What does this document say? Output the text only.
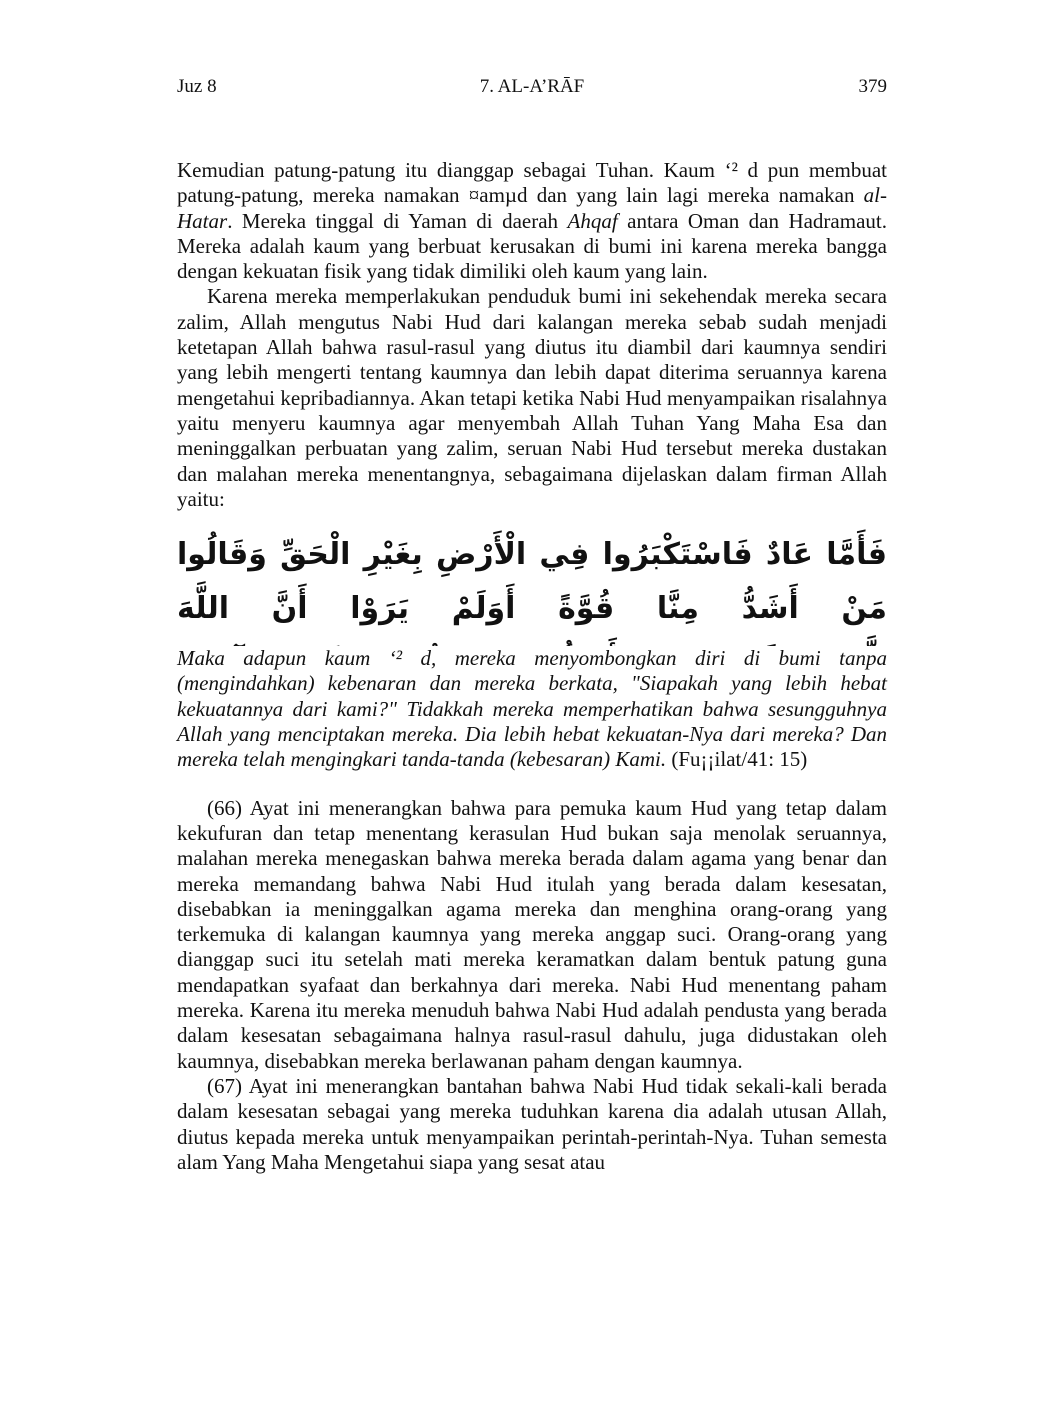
Juz 8	7. AL-A’RĀF	379

Kemudian patung-patung itu dianggap sebagai Tuhan. Kaum ‘² d pun membuat patung-patung, mereka namakan ¤amµd dan yang lain lagi mereka namakan al-Hatar. Mereka tinggal di Yaman di daerah Ahqaf antara Oman dan Hadramaut. Mereka adalah kaum yang berbuat kerusakan di bumi ini karena mereka bangga dengan kekuatan fisik yang tidak dimiliki oleh kaum yang lain.

Karena mereka memperlakukan penduduk bumi ini sekehendak mereka secara zalim, Allah mengutus Nabi Hud dari kalangan mereka sebab sudah menjadi ketetapan Allah bahwa rasul-rasul yang diutus itu diambil dari kaumnya sendiri yang lebih mengerti tentang kaumnya dan lebih dapat diterima seruannya karena mengetahui kepribadiannya. Akan tetapi ketika Nabi Hud menyampaikan risalahnya yaitu menyeru kaumnya agar menyembah Allah Tuhan Yang Maha Esa dan meninggalkan perbuatan yang zalim, seruan Nabi Hud tersebut mereka dustakan dan malahan mereka menentangnya, sebagaimana dijelaskan dalam firman Allah yaitu:

فَأَمَّا عَادٌ فَاسْتَكْبَرُوا فِي الْأَرْضِ بِغَيْرِ الْحَقِّ وَقَالُوا مَنْ أَشَدُّ مِنَّا قُوَّةً أَوَلَمْ يَرَوْا أَنَّ اللَّهَ

Maka adapun kaum ‘² d, mereka menyombongkan diri di bumi tanpa (mengindahkan) kebenaran dan mereka berkata, "Siapakah yang lebih hebat kekuatannya dari kami?" Tidakkah mereka memperhatikan bahwa sesungguhnya Allah yang menciptakan mereka. Dia lebih hebat kekuatan-Nya dari mereka? Dan mereka telah mengingkari tanda-tanda (kebesaran) Kami. (Fu¡¡ilat/41: 15)

(66) Ayat ini menerangkan bahwa para pemuka kaum Hud yang tetap dalam kekufuran dan tetap menentang kerasulan Hud bukan saja menolak seruannya, malahan mereka menegaskan bahwa mereka berada dalam agama yang benar dan mereka memandang bahwa Nabi Hud itulah yang berada dalam kesesatan, disebabkan ia meninggalkan agama mereka dan menghina orang-orang yang terkemuka di kalangan kaumnya yang mereka anggap suci. Orang-orang yang dianggap suci itu setelah mati mereka keramatkan dalam bentuk patung guna mendapatkan syafaat dan berkahnya dari mereka. Nabi Hud menentang paham mereka. Karena itu mereka menuduh bahwa Nabi Hud adalah pendusta yang berada dalam kesesatan sebagaimana halnya rasul-rasul dahulu, juga didustakan oleh kaumnya, disebabkan mereka berlawanan paham dengan kaumnya.

(67) Ayat ini menerangkan bantahan bahwa Nabi Hud tidak sekali-kali berada dalam kesesatan sebagai yang mereka tuduhkan karena dia adalah utusan Allah, diutus kepada mereka untuk menyampaikan perintah-perintah-Nya. Tuhan semesta alam Yang Maha Mengetahui siapa yang sesat atau
